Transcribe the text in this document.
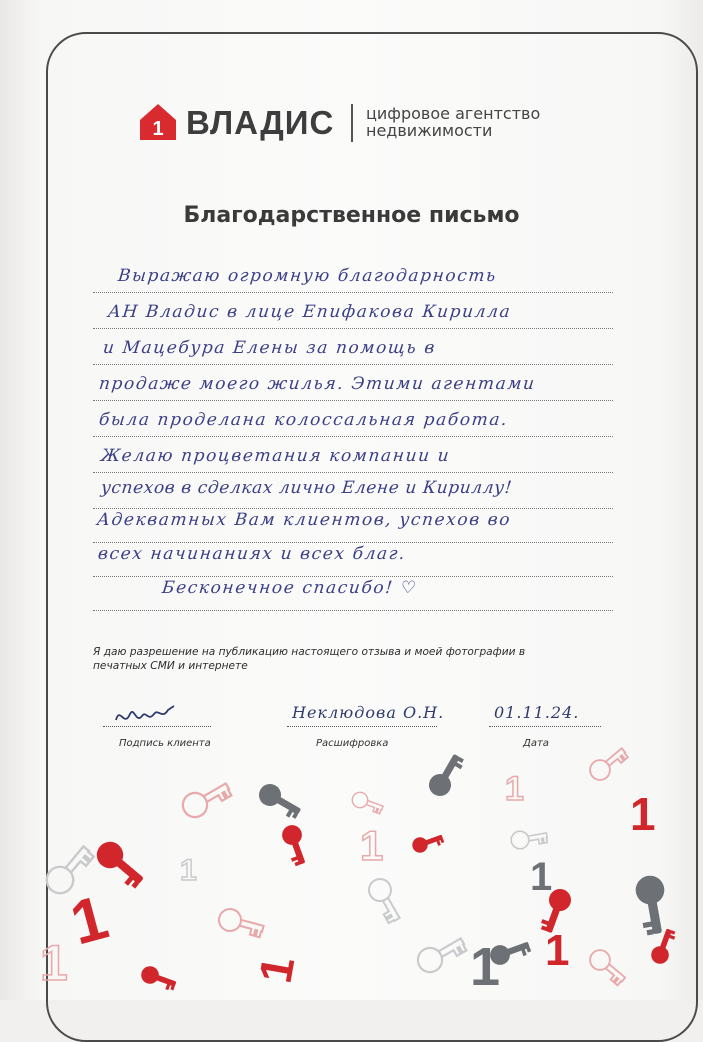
1 ВЛАДИС цифровое агентство
недвижимости
Благодарственное письмо
Выражаю огромную благодарность
АН Владис в лице Епифакова Кирилла
и Мацебура Елены за помощь в
продаже моего жилья. Этими агентами
была проделана колоссальная работа.
Желаю процветания компании и
успехов в сделках лично Елене и Кириллу!
Адекватных Вам клиентов, успехов во
всех начинаниях и всех благ.
Бесконечное спасибо! ♡
Я даю разрешение на публикацию настоящего отзыва и моей фотографии в печатных СМИ и интернете
Подпись клиента
Неклюдова О.Н.
Расшифровка
01.11.24.
Дата
1
1
1
1
1
1
1
1
1
1
